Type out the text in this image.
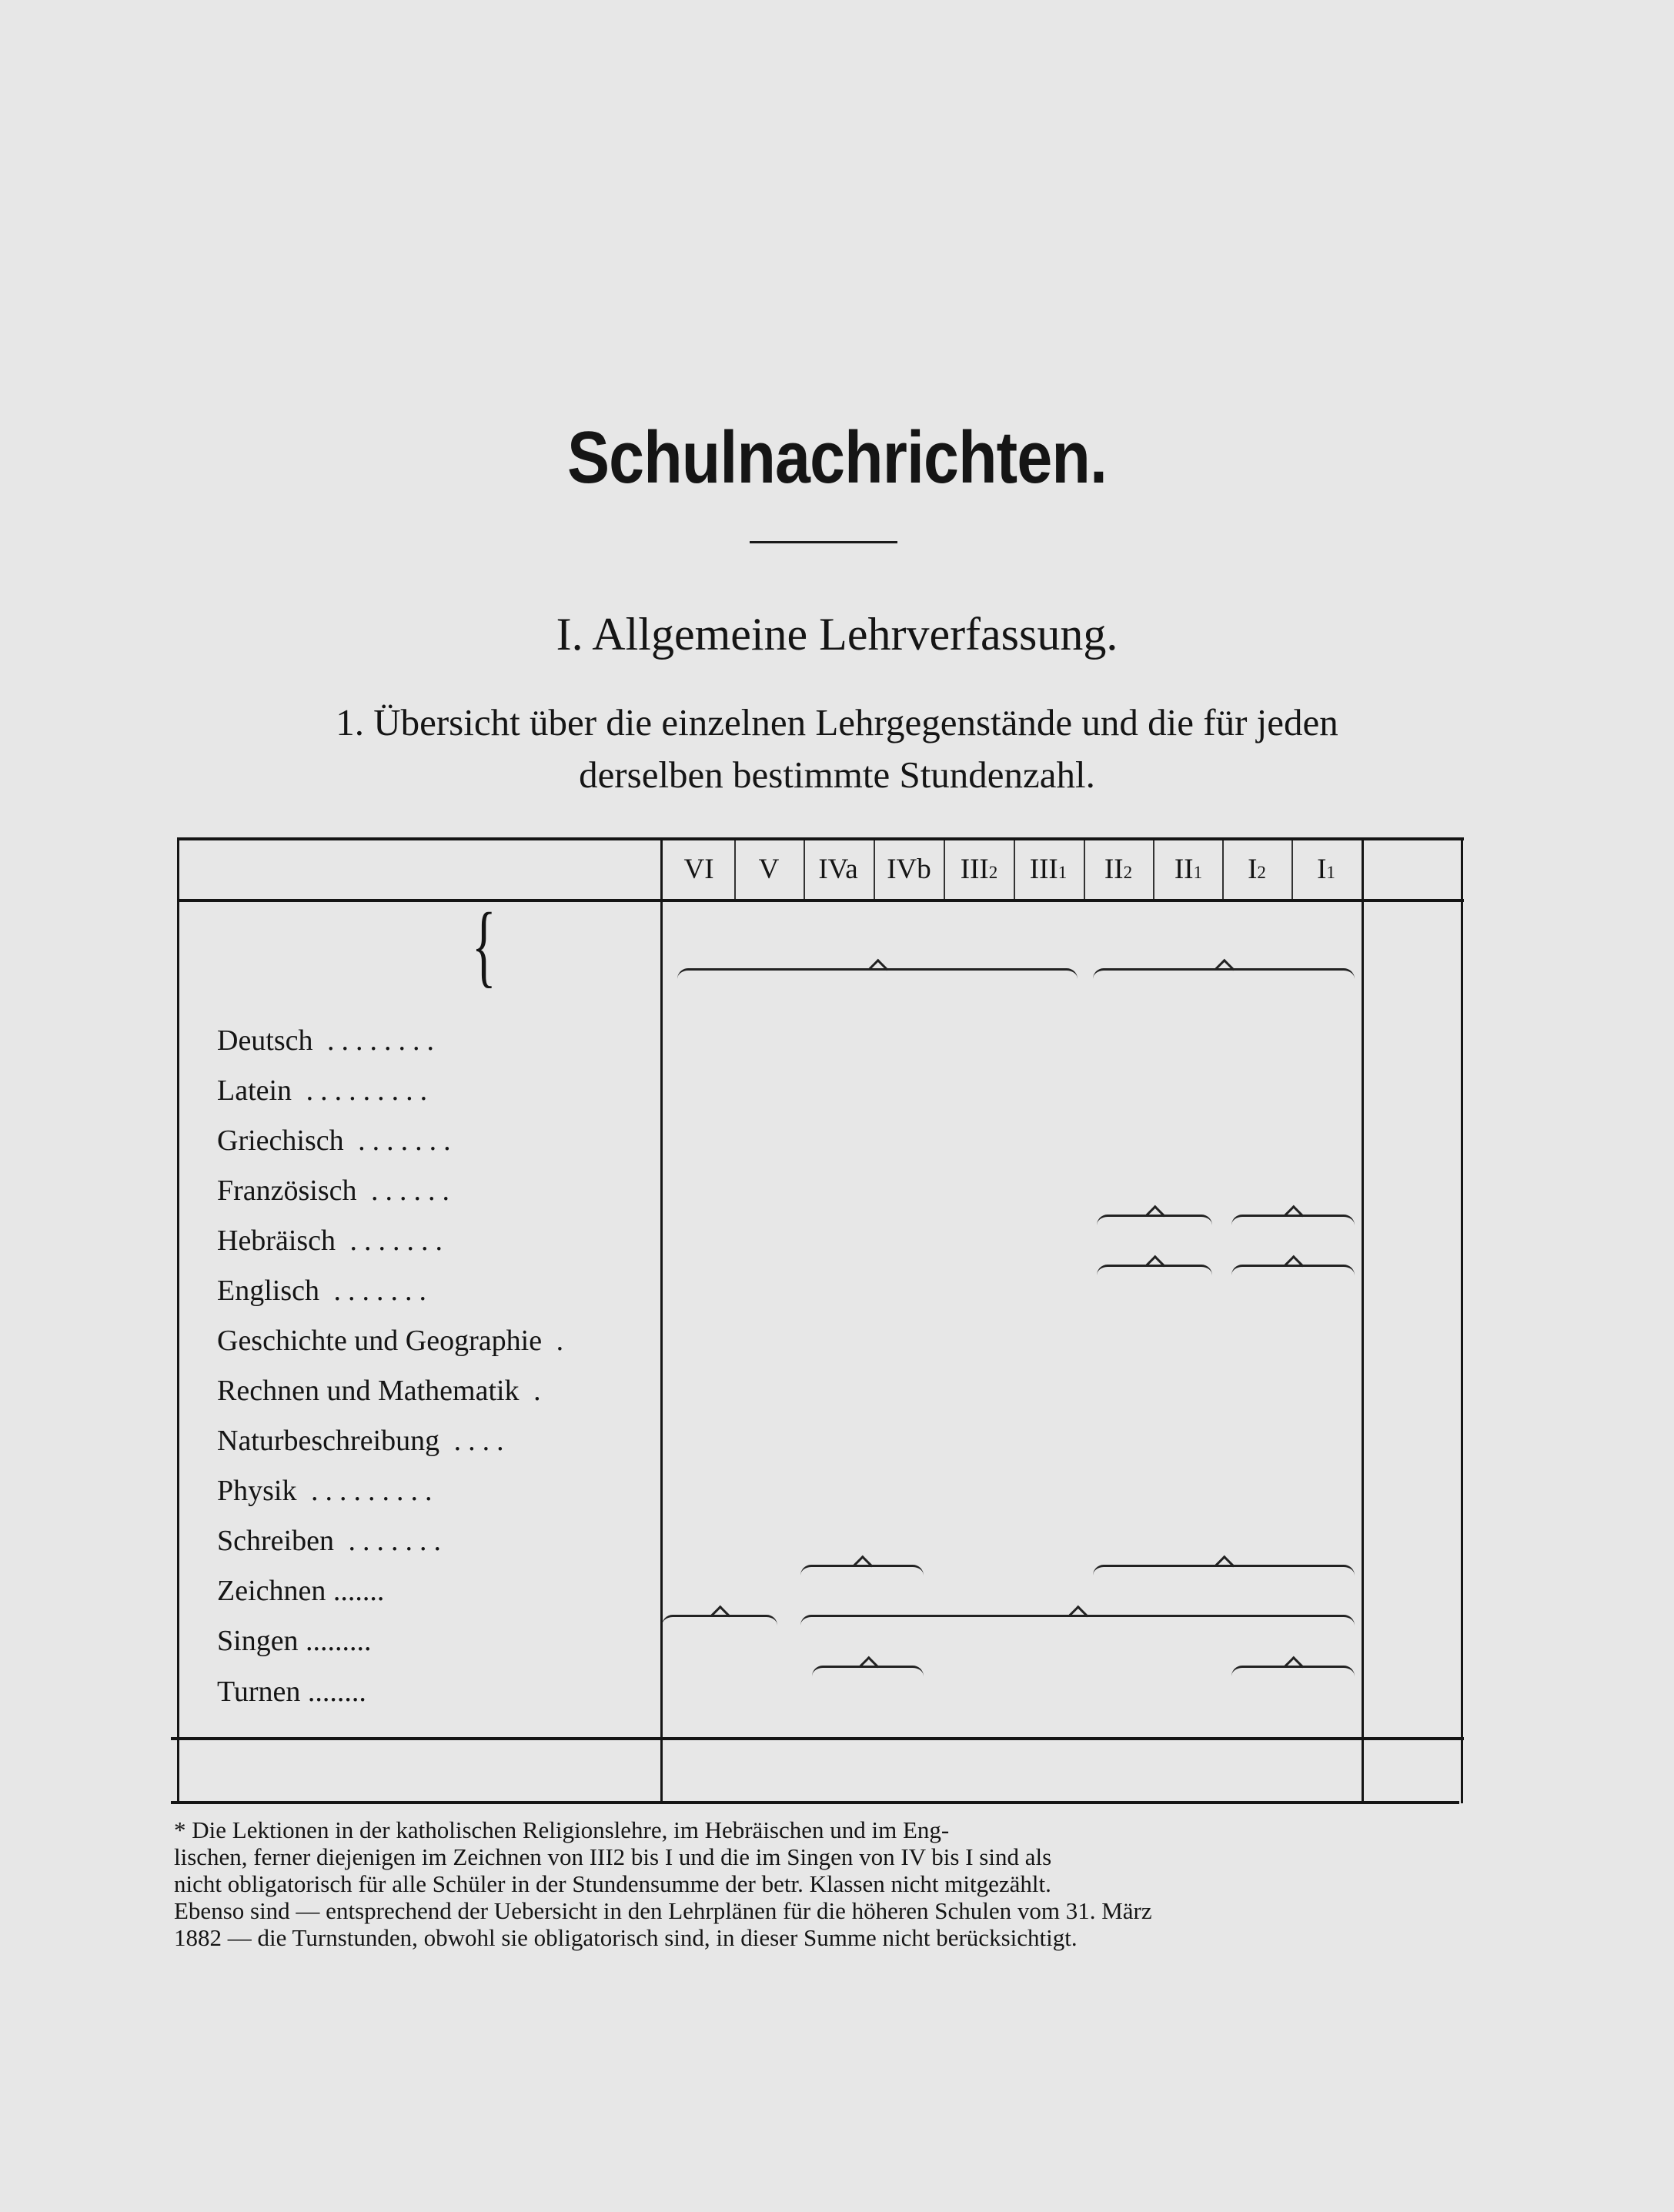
Schulnachrichten.
I. Allgemeine Lehrverfassung.
1. Übersicht über die einzelnen Lehrgegenstände und die für jeden
derselben bestimmte Stundenzahl.
VI	V	IVa	IVb	III2	III1	II2	II1	I2	I1
{
Deutsch ........
Latein .........
Griechisch .......
Französisch ......
Hebräisch .......
Englisch .......
Geschichte und Geographie .
Rechnen und Mathematik .
Naturbeschreibung ....
Physik .........
Schreiben .......
Zeichnen .......
Singen .........
Turnen ........

* Die Lektionen in der katholischen Religionslehre, im Hebräischen und im Eng-

lischen, ferner diejenigen im Zeichnen von III2 bis I und die im Singen von IV bis I sind als

nicht obligatorisch für alle Schüler in der Stundensumme der betr. Klassen nicht mitgezählt.

Ebenso sind — entsprechend der Uebersicht in den Lehrplänen für die höheren Schulen vom 31. März

1882 — die Turnstunden, obwohl sie obligatorisch sind, in dieser Summe nicht berücksichtigt.
